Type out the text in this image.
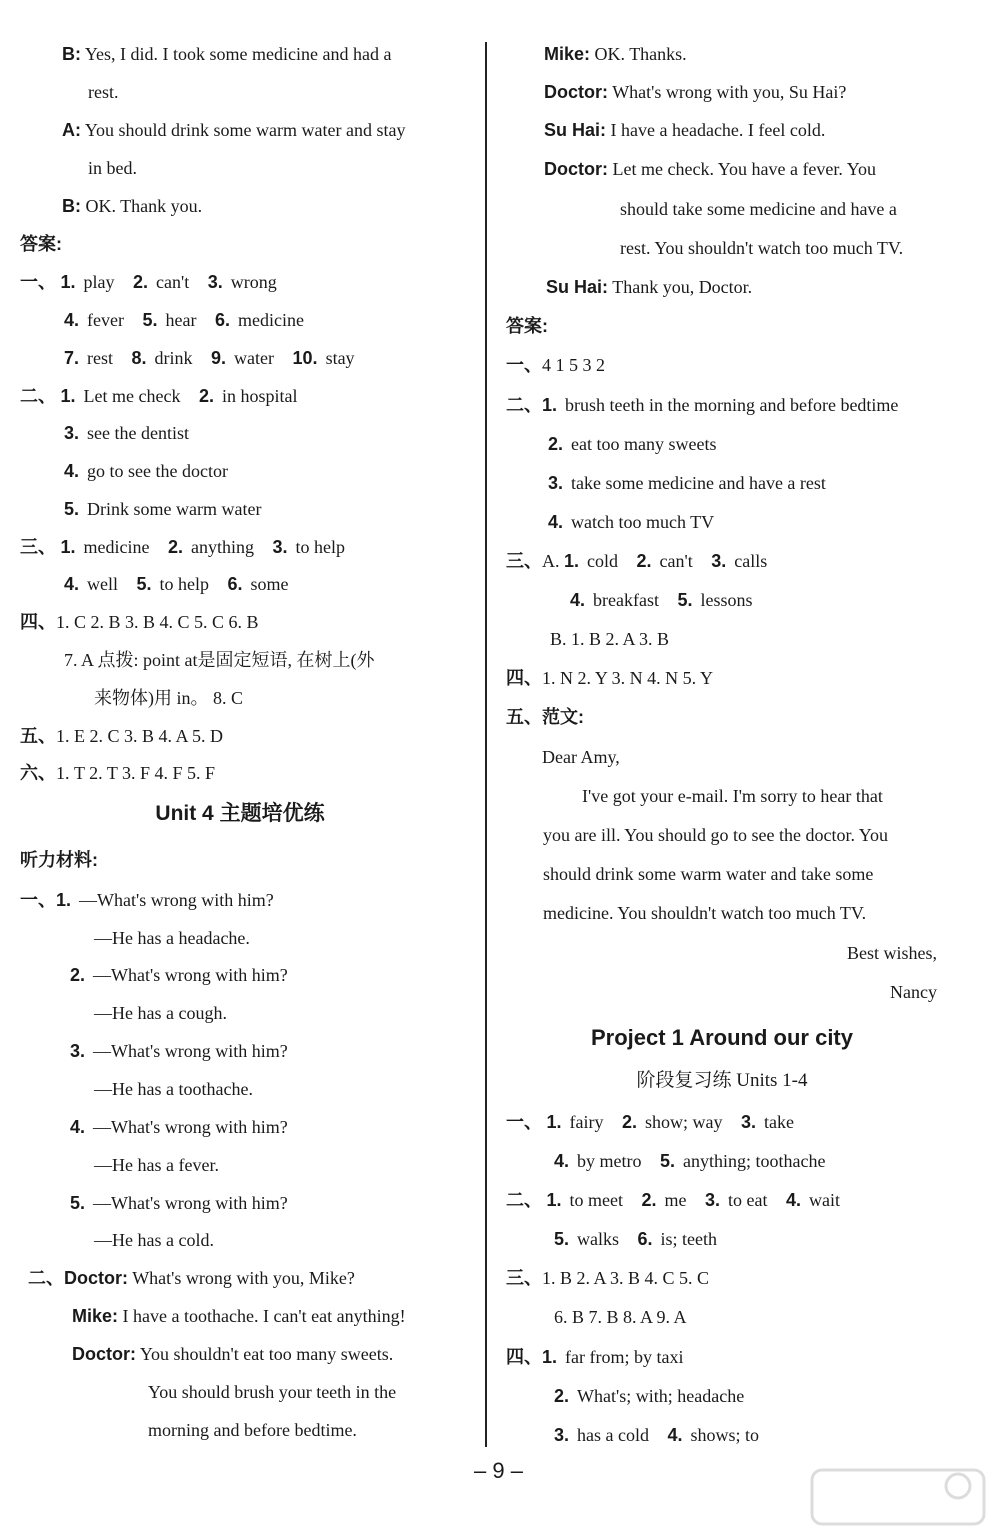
B: Yes, I did. I took some medicine and had a
rest.
A: You should drink some warm water and stay
in bed.
B: OK. Thank you.
答案:
一、 1. play 2. can't 3. wrong
4. fever 5. hear 6. medicine
7. rest 8. drink 9. water 10. stay
二、 1. Let me check 2. in hospital
3. see the dentist
4. go to see the doctor
5. Drink some warm water
三、 1. medicine 2. anything 3. to help
4. well 5. to help 6. some
四、1. C 2. B 3. B 4. C 5. C 6. B
7. A 点拨: point at是固定短语, 在树上(外
来物体)用 in。 8. C
五、1. E 2. C 3. B 4. A 5. D
六、1. T 2. T 3. F 4. F 5. F
Unit 4 主题培优练
听力材料:
一、1. —What's wrong with him?
—He has a headache.
2. —What's wrong with him?
—He has a cough.
3. —What's wrong with him?
—He has a toothache.
4. —What's wrong with him?
—He has a fever.
5. —What's wrong with him?
—He has a cold.
二、Doctor: What's wrong with you, Mike?
Mike: I have a toothache. I can't eat anything!
Doctor: You shouldn't eat too many sweets.
You should brush your teeth in the
morning and before bedtime.
Mike: OK. Thanks.
Doctor: What's wrong with you, Su Hai?
Su Hai: I have a headache. I feel cold.
Doctor: Let me check. You have a fever. You
should take some medicine and have a
rest. You shouldn't watch too much TV.
Su Hai: Thank you, Doctor.
答案:
一、4 1 5 3 2
二、1. brush teeth in the morning and before bedtime
2. eat too many sweets
3. take some medicine and have a rest
4. watch too much TV
三、A. 1. cold 2. can't 3. calls
4. breakfast 5. lessons
B. 1. B 2. A 3. B
四、1. N 2. Y 3. N 4. N 5. Y
五、范文:
Dear Amy,
I've got your e-mail. I'm sorry to hear that
you are ill. You should go to see the doctor. You
should drink some warm water and take some
medicine. You shouldn't watch too much TV.
Best wishes,
Nancy
Project 1 Around our city
阶段复习练 Units 1-4
一、 1. fairy 2. show; way 3. take
4. by metro 5. anything; toothache
二、 1. to meet 2. me 3. to eat 4. wait
5. walks 6. is; teeth
三、1. B 2. A 3. B 4. C 5. C
6. B 7. B 8. A 9. A
四、1. far from; by taxi
2. What's; with; headache
3. has a cold 4. shows; to
– 9 –
